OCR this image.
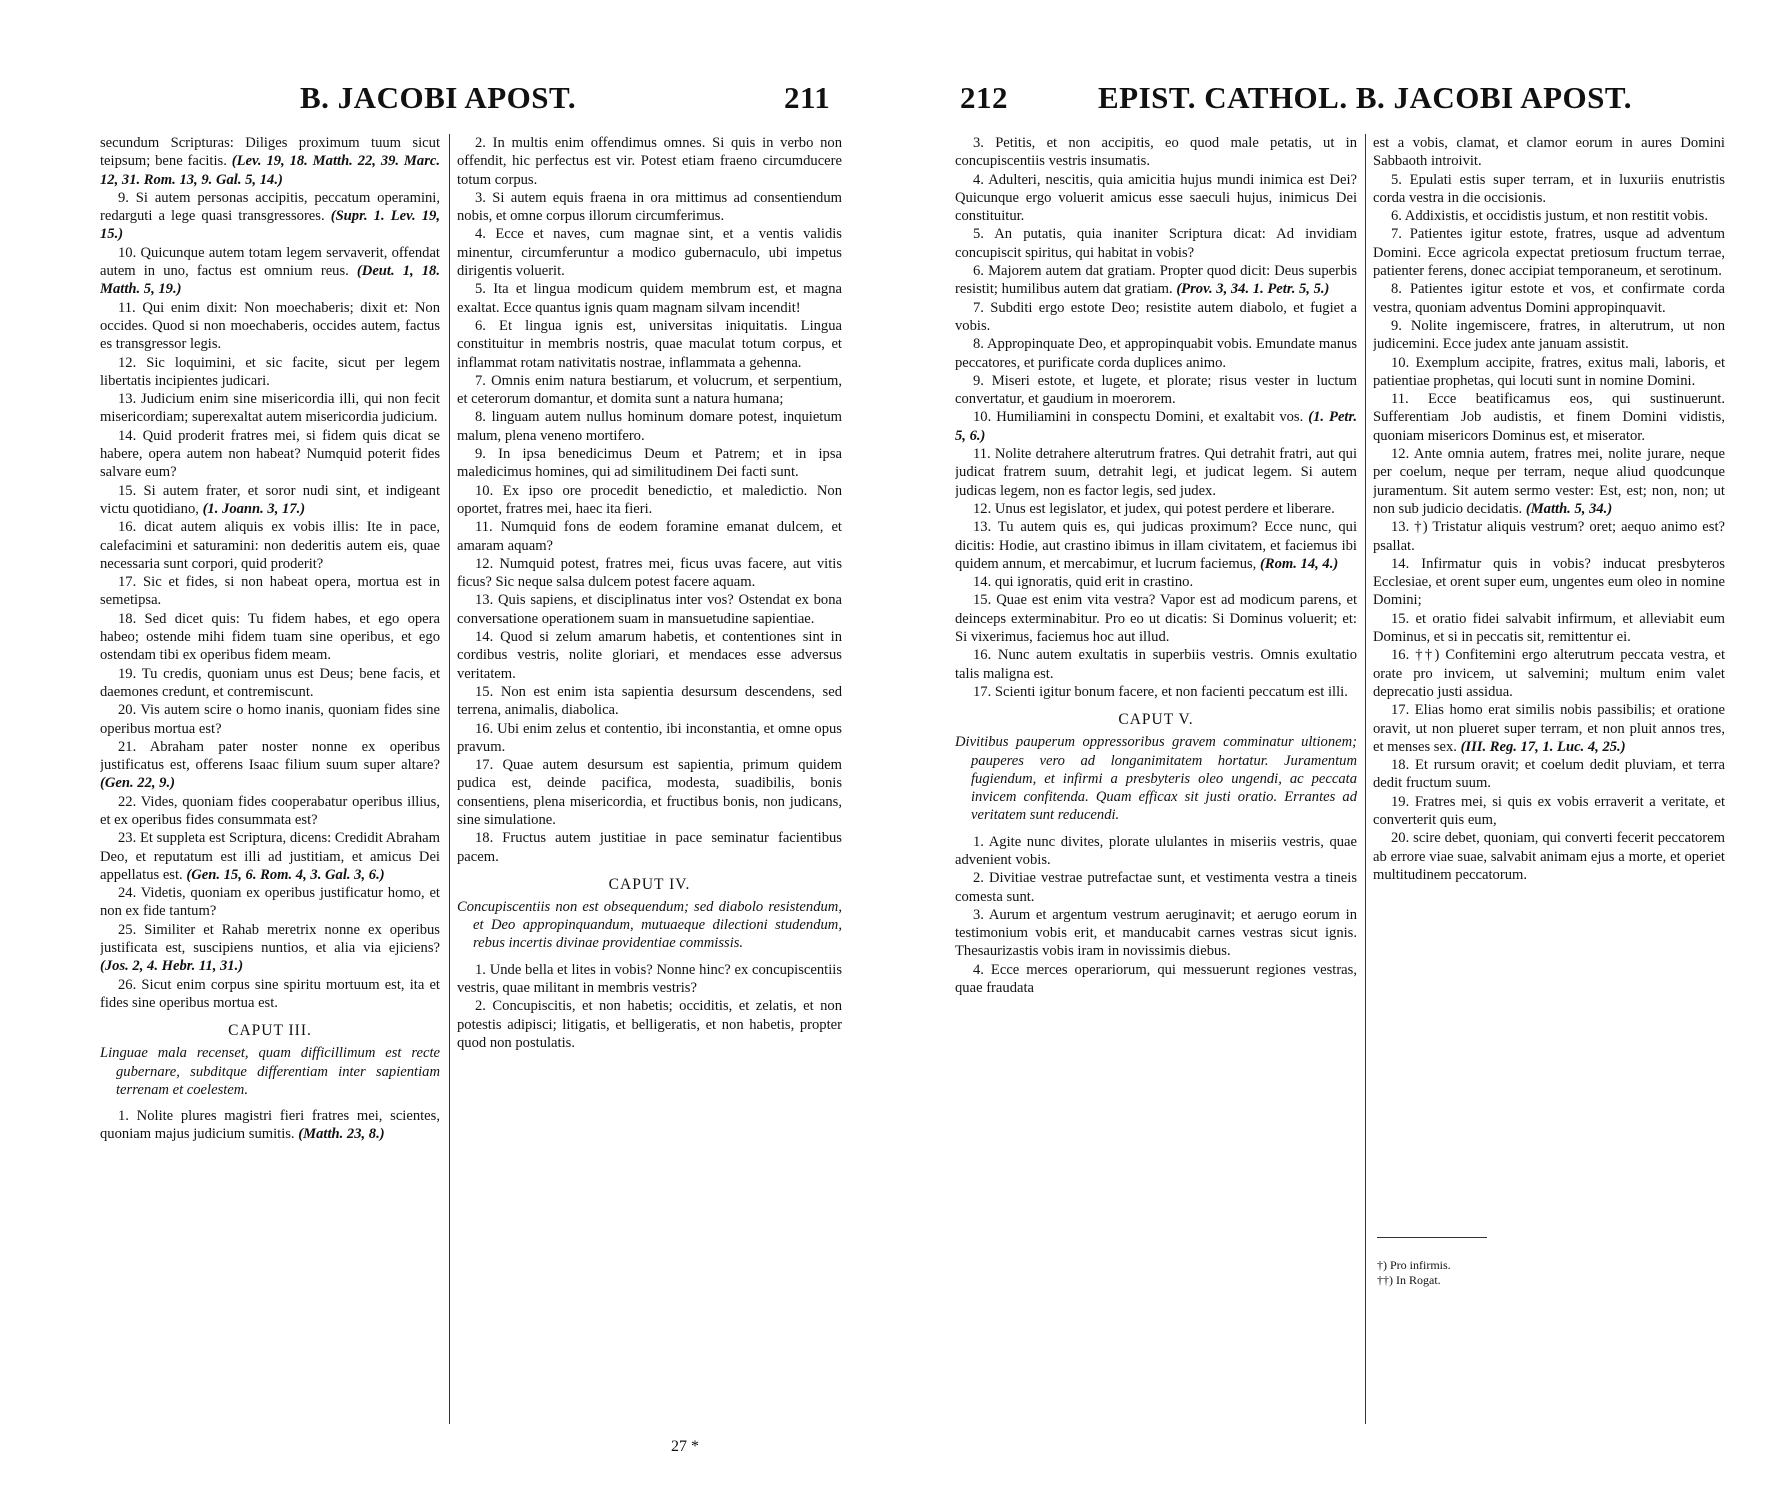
B. JACOBI APOST.	211

secundum Scripturas: Diliges proximum tuum sicut teipsum; bene facitis. (Lev. 19, 18. Matth. 22, 39. Marc. 12, 31. Rom. 13, 9. Gal. 5, 14.)

9. Si autem personas accipitis, peccatum operamini, redarguti a lege quasi transgressores. (Supr. 1. Lev. 19, 15.)

10. Quicunque autem totam legem servaverit, offendat autem in uno, factus est omnium reus. (Deut. 1, 18. Matth. 5, 19.)

11. Qui enim dixit: Non moechaberis; dixit et: Non occides. Quod si non moechaberis, occides autem, factus es transgressor legis.

12. Sic loquimini, et sic facite, sicut per legem libertatis incipientes judicari.

13. Judicium enim sine misericordia illi, qui non fecit misericordiam; superexaltat autem misericordia judicium.

14. Quid proderit fratres mei, si fidem quis dicat se habere, opera autem non habeat? Numquid poterit fides salvare eum?

15. Si autem frater, et soror nudi sint, et indigeant victu quotidiano, (1. Joann. 3, 17.)

16. dicat autem aliquis ex vobis illis: Ite in pace, calefacimini et saturamini: non dederitis autem eis, quae necessaria sunt corpori, quid proderit?

17. Sic et fides, si non habeat opera, mortua est in semetipsa.

18. Sed dicet quis: Tu fidem habes, et ego opera habeo; ostende mihi fidem tuam sine operibus, et ego ostendam tibi ex operibus fidem meam.

19. Tu credis, quoniam unus est Deus; bene facis, et daemones credunt, et contremiscunt.

20. Vis autem scire o homo inanis, quoniam fides sine operibus mortua est?

21. Abraham pater noster nonne ex operibus justificatus est, offerens Isaac filium suum super altare? (Gen. 22, 9.)

22. Vides, quoniam fides cooperabatur operibus illius, et ex operibus fides consummata est?

23. Et suppleta est Scriptura, dicens: Credidit Abraham Deo, et reputatum est illi ad justitiam, et amicus Dei appellatus est. (Gen. 15, 6. Rom. 4, 3. Gal. 3, 6.)

24. Videtis, quoniam ex operibus justificatur homo, et non ex fide tantum?

25. Similiter et Rahab meretrix nonne ex operibus justificata est, suscipiens nuntios, et alia via ejiciens? (Jos. 2, 4. Hebr. 11, 31.)

26. Sicut enim corpus sine spiritu mortuum est, ita et fides sine operibus mortua est.

CAPUT III.
Linguae mala recenset, quam difficillimum est recte gubernare, subditque differentiam inter sapientiam terrenam et coelestem.

1. Nolite plures magistri fieri fratres mei, scientes, quoniam majus judicium sumitis. (Matth. 23, 8.)

2. In multis enim offendimus omnes. Si quis in verbo non offendit, hic perfectus est vir. Potest etiam fraeno circumducere totum corpus.

3. Si autem equis fraena in ora mittimus ad consentiendum nobis, et omne corpus illorum circumferimus.

4. Ecce et naves, cum magnae sint, et a ventis validis minentur, circumferuntur a modico gubernaculo, ubi impetus dirigentis voluerit.

5. Ita et lingua modicum quidem membrum est, et magna exaltat. Ecce quantus ignis quam magnam silvam incendit!

6. Et lingua ignis est, universitas iniquitatis. Lingua constituitur in membris nostris, quae maculat totum corpus, et inflammat rotam nativitatis nostrae, inflammata a gehenna.

7. Omnis enim natura bestiarum, et volucrum, et serpentium, et ceterorum domantur, et domita sunt a natura humana;

8. linguam autem nullus hominum domare potest, inquietum malum, plena veneno mortifero.

9. In ipsa benedicimus Deum et Patrem; et in ipsa maledicimus homines, qui ad similitudinem Dei facti sunt.

10. Ex ipso ore procedit benedictio, et maledictio. Non oportet, fratres mei, haec ita fieri.

11. Numquid fons de eodem foramine emanat dulcem, et amaram aquam?

12. Numquid potest, fratres mei, ficus uvas facere, aut vitis ficus? Sic neque salsa dulcem potest facere aquam.

13. Quis sapiens, et disciplinatus inter vos? Ostendat ex bona conversatione operationem suam in mansuetudine sapientiae.

14. Quod si zelum amarum habetis, et contentiones sint in cordibus vestris, nolite gloriari, et mendaces esse adversus veritatem.

15. Non est enim ista sapientia desursum descendens, sed terrena, animalis, diabolica.

16. Ubi enim zelus et contentio, ibi inconstantia, et omne opus pravum.

17. Quae autem desursum est sapientia, primum quidem pudica est, deinde pacifica, modesta, suadibilis, bonis consentiens, plena misericordia, et fructibus bonis, non judicans, sine simulatione.

18. Fructus autem justitiae in pace seminatur facientibus pacem.

CAPUT IV.
Concupiscentiis non est obsequendum; sed diabolo resistendum, et Deo appropinquandum, mutuaeque dilectioni studendum, rebus incertis divinae providentiae commissis.

1. Unde bella et lites in vobis? Nonne hinc? ex concupiscentiis vestris, quae militant in membris vestris?

2. Concupiscitis, et non habetis; occiditis, et zelatis, et non potestis adipisci; litigatis, et belligeratis, et non habetis, propter quod non postulatis.

27 *
212	EPIST. CATHOL. B. JACOBI APOST.

3. Petitis, et non accipitis, eo quod male petatis, ut in concupiscentiis vestris insumatis.

4. Adulteri, nescitis, quia amicitia hujus mundi inimica est Dei? Quicunque ergo voluerit amicus esse saeculi hujus, inimicus Dei constituitur.

5. An putatis, quia inaniter Scriptura dicat: Ad invidiam concupiscit spiritus, qui habitat in vobis?

6. Majorem autem dat gratiam. Propter quod dicit: Deus superbis resistit; humilibus autem dat gratiam. (Prov. 3, 34. 1. Petr. 5, 5.)

7. Subditi ergo estote Deo; resistite autem diabolo, et fugiet a vobis.

8. Appropinquate Deo, et appropinquabit vobis. Emundate manus peccatores, et purificate corda duplices animo.

9. Miseri estote, et lugete, et plorate; risus vester in luctum convertatur, et gaudium in moerorem.

10. Humiliamini in conspectu Domini, et exaltabit vos. (1. Petr. 5, 6.)

11. Nolite detrahere alterutrum fratres. Qui detrahit fratri, aut qui judicat fratrem suum, detrahit legi, et judicat legem. Si autem judicas legem, non es factor legis, sed judex.

12. Unus est legislator, et judex, qui potest perdere et liberare.

13. Tu autem quis es, qui judicas proximum? Ecce nunc, qui dicitis: Hodie, aut crastino ibimus in illam civitatem, et faciemus ibi quidem annum, et mercabimur, et lucrum faciemus, (Rom. 14, 4.)

14. qui ignoratis, quid erit in crastino.

15. Quae est enim vita vestra? Vapor est ad modicum parens, et deinceps exterminabitur. Pro eo ut dicatis: Si Dominus voluerit; et: Si vixerimus, faciemus hoc aut illud.

16. Nunc autem exultatis in superbiis vestris. Omnis exultatio talis maligna est.

17. Scienti igitur bonum facere, et non facienti peccatum est illi.

CAPUT V.
Divitibus pauperum oppressoribus gravem comminatur ultionem; pauperes vero ad longanimitatem hortatur. Juramentum fugiendum, et infirmi a presbyteris oleo ungendi, ac peccata invicem confitenda. Quam efficax sit justi oratio. Errantes ad veritatem sunt reducendi.

1. Agite nunc divites, plorate ululantes in miseriis vestris, quae advenient vobis.

2. Divitiae vestrae putrefactae sunt, et vestimenta vestra a tineis comesta sunt.

3. Aurum et argentum vestrum aeruginavit; et aerugo eorum in testimonium vobis erit, et manducabit carnes vestras sicut ignis. Thesaurizastis vobis iram in novissimis diebus.

4. Ecce merces operariorum, qui messuerunt regiones vestras, quae fraudata

est a vobis, clamat, et clamor eorum in aures Domini Sabbaoth introivit.

5. Epulati estis super terram, et in luxuriis enutristis corda vestra in die occisionis.

6. Addixistis, et occidistis justum, et non restitit vobis.

7. Patientes igitur estote, fratres, usque ad adventum Domini. Ecce agricola expectat pretiosum fructum terrae, patienter ferens, donec accipiat temporaneum, et serotinum.

8. Patientes igitur estote et vos, et confirmate corda vestra, quoniam adventus Domini appropinquavit.

9. Nolite ingemiscere, fratres, in alterutrum, ut non judicemini. Ecce judex ante januam assistit.

10. Exemplum accipite, fratres, exitus mali, laboris, et patientiae prophetas, qui locuti sunt in nomine Domini.

11. Ecce beatificamus eos, qui sustinuerunt. Sufferentiam Job audistis, et finem Domini vidistis, quoniam misericors Dominus est, et miserator.

12. Ante omnia autem, fratres mei, nolite jurare, neque per coelum, neque per terram, neque aliud quodcunque juramentum. Sit autem sermo vester: Est, est; non, non; ut non sub judicio decidatis. (Matth. 5, 34.)

13. †) Tristatur aliquis vestrum? oret; aequo animo est? psallat.

14. Infirmatur quis in vobis? inducat presbyteros Ecclesiae, et orent super eum, ungentes eum oleo in nomine Domini;

15. et oratio fidei salvabit infirmum, et alleviabit eum Dominus, et si in peccatis sit, remittentur ei.

16. ††) Confitemini ergo alterutrum peccata vestra, et orate pro invicem, ut salvemini; multum enim valet deprecatio justi assidua.

17. Elias homo erat similis nobis passibilis; et oratione oravit, ut non plueret super terram, et non pluit annos tres, et menses sex. (III. Reg. 17, 1. Luc. 4, 25.)

18. Et rursum oravit; et coelum dedit pluviam, et terra dedit fructum suum.

19. Fratres mei, si quis ex vobis erraverit a veritate, et converterit quis eum,

20. scire debet, quoniam, qui converti fecerit peccatorem ab errore viae suae, salvabit animam ejus a morte, et operiet multitudinem peccatorum.

†) Pro infirmis.
††) In Rogat.
